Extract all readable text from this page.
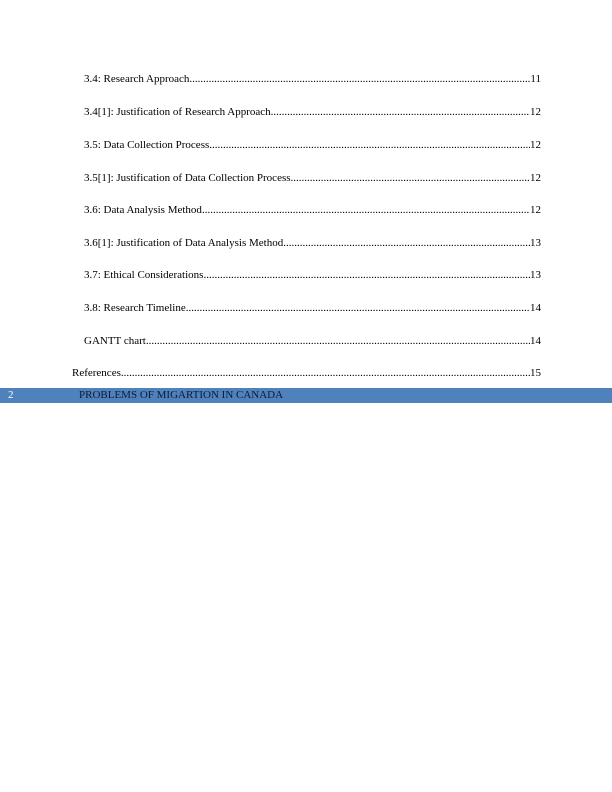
3.4: Research Approach .....	11
3.4[1]: Justification of Research Approach .....	12
3.5: Data Collection Process .....	12
3.5[1]: Justification of Data Collection Process .....	12
3.6: Data Analysis Method .....	12
3.6[1]: Justification of Data Analysis Method .....	13
3.7: Ethical Considerations .....	13
3.8: Research Timeline .....	14
GANTT chart .....	14
References .....	15
2	PROBLEMS OF MIGARTION IN CANADA
